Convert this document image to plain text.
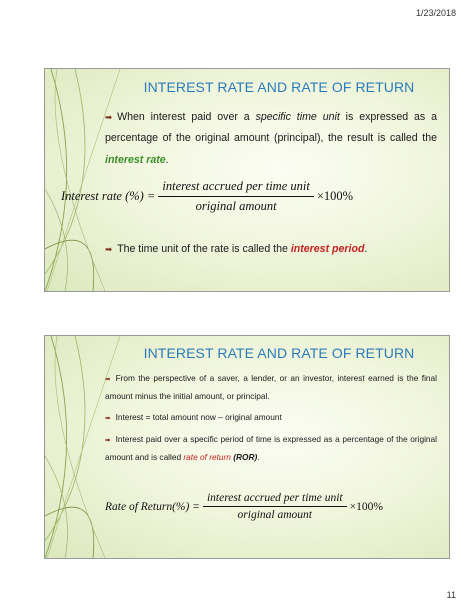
1/23/2018
INTEREST RATE AND RATE OF RETURN
➡ When interest paid over a specific time unit is expressed as a percentage of the original amount (principal), the result is called the interest rate.
Interest rate (%) = $\frac{\text{interest accrued per time unit}}{\text{original amount}} \times 100\%$
➡ The time unit of the rate is called the interest period.
INTEREST RATE AND RATE OF RETURN
➡ From the perspective of a saver, a lender, or an investor, interest earned is the final amount minus the initial amount, or principal.
➡ Interest = total amount now – original amount
➡ Interest paid over a specific period of time is expressed as a percentage of the original amount and is called rate of return (ROR).
Rate of Return(%) = $\frac{\text{interest accrued per time unit}}{\text{original amount}} \times 100\%$
11
